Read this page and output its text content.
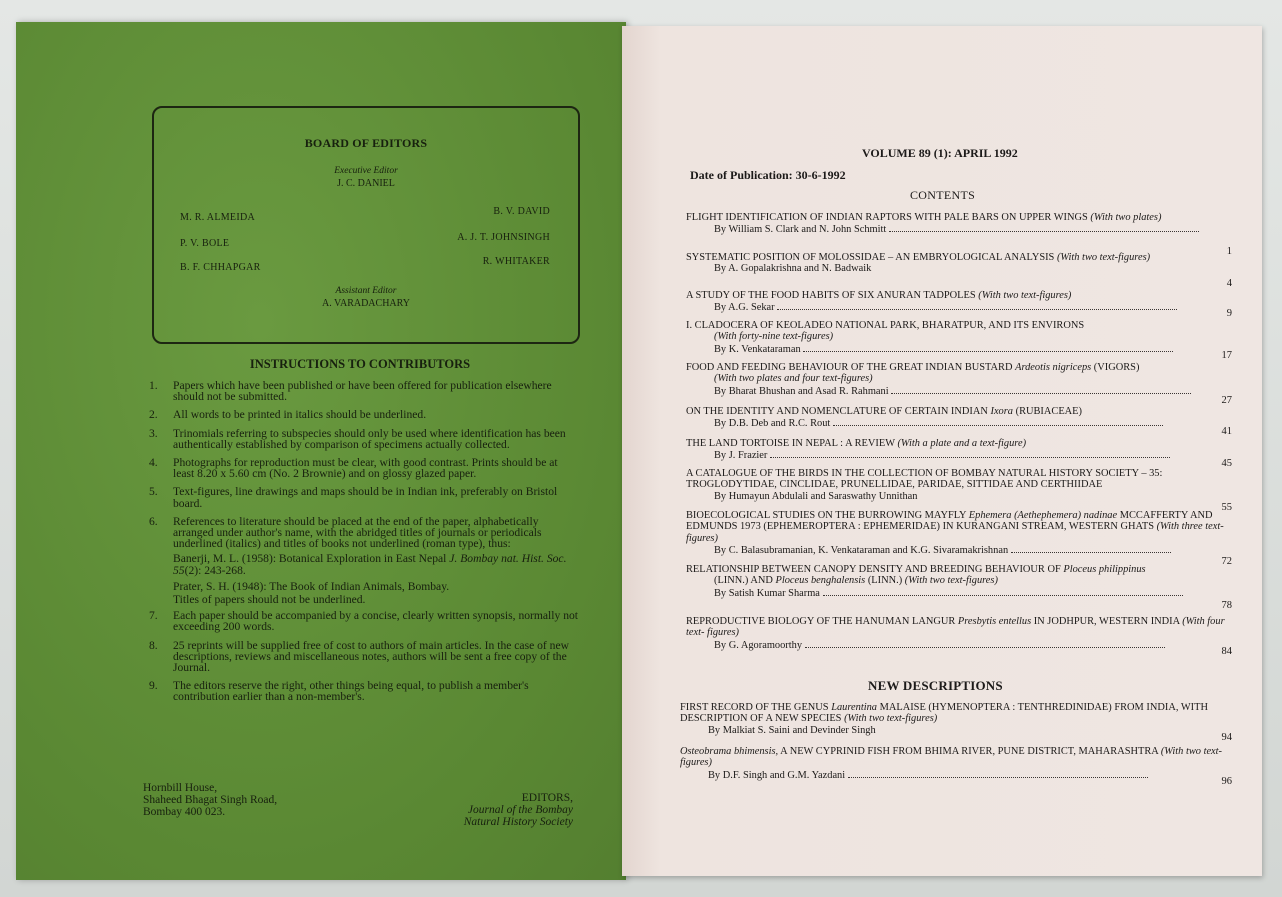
BOARD OF EDITORS
Executive Editor
J. C. DANIEL
M. R. ALMEIDA
P. V. BOLE
B. F. CHHAPGAR
B. V. DAVID
A. J. T. JOHNSINGH
R. WHITAKER
Assistant Editor
A. VARADACHARY
INSTRUCTIONS TO CONTRIBUTORS
1. Papers which have been published or have been offered for publication elsewhere should not be submitted.
2. All words to be printed in italics should be underlined.
3. Trinomials referring to subspecies should only be used where identification has been authentically established by comparison of specimens actually collected.
4. Photographs for reproduction must be clear, with good contrast. Prints should be at least 8.20 x 5.60 cm (No. 2 Brownie) and on glossy glazed paper.
5. Text-figures, line drawings and maps should be in Indian ink, preferably on Bristol board.
6. References to literature should be placed at the end of the paper, alphabetically arranged under author's name, with the abridged titles of journals or periodicals underlined (italics) and titles of books not underlined (roman type), thus:
Banerji, M. L. (1958): Botanical Exploration in East Nepal J. Bombay nat. Hist. Soc. 55(2): 243-268.
Prater, S. H. (1948): The Book of Indian Animals, Bombay.
Titles of papers should not be underlined.
7. Each paper should be accompanied by a concise, clearly written synopsis, normally not exceeding 200 words.
8. 25 reprints will be supplied free of cost to authors of main articles. In the case of new descriptions, reviews and miscellaneous notes, authors will be sent a free copy of the Journal.
9. The editors reserve the right, other things being equal, to publish a member's contribution earlier than a non-member's.
Hornbill House,
Shaheed Bhagat Singh Road,
Bombay 400 023.
EDITORS,
Journal of the Bombay
Natural History Society
VOLUME 89 (1): APRIL 1992
Date of Publication: 30-6-1992
CONTENTS
FLIGHT IDENTIFICATION OF INDIAN RAPTORS WITH PALE BARS ON UPPER WINGS (With two plates)
By William S. Clark and N. John Schmitt
1
SYSTEMATIC POSITION OF MOLOSSIDAE – AN EMBRYOLOGICAL ANALYSIS (With two text-figures)
By A. Gopalakrishna and N. Badwaik
4
A STUDY OF THE FOOD HABITS OF SIX ANURAN TADPOLES (With two text-figures)
By A.G. Sekar
9
I. CLADOCERA OF KEOLADEO NATIONAL PARK, BHARATPUR, AND ITS ENVIRONS
(With forty-nine text-figures)
By K. Venkataraman
17
FOOD AND FEEDING BEHAVIOUR OF THE GREAT INDIAN BUSTARD Ardeotis nigriceps (VIGORS)
(With two plates and four text-figures)
By Bharat Bhushan and Asad R. Rahmani
27
ON THE IDENTITY AND NOMENCLATURE OF CERTAIN INDIAN Ixora (RUBIACEAE)
By D.B. Deb and R.C. Rout
41
THE LAND TORTOISE IN NEPAL : A REVIEW (With a plate and a text-figure)
By J. Frazier
45
A CATALOGUE OF THE BIRDS IN THE COLLECTION OF BOMBAY NATURAL HISTORY SOCIETY – 35: TROGLODYTIDAE, CINCLIDAE, PRUNELLIDAE, PARIDAE, SITTIDAE AND CERTHIIDAE
By Humayun Abdulali and Saraswathy Unnithan
55
BIOECOLOGICAL STUDIES ON THE BURROWING MAYFLY Ephemera (Aethephemera) nadinae MCCAFFERTY AND EDMUNDS 1973 (EPHEMEROPTERA : EPHEMERIDAE) IN KURANGANI STREAM, WESTERN GHATS (With three text-figures)
By C. Balasubramanian, K. Venkataraman and K.G. Sivaramakrishnan
72
RELATIONSHIP BETWEEN CANOPY DENSITY AND BREEDING BEHAVIOUR OF Ploceus philippinus
(LINN.) AND Ploceus benghalensis (LINN.) (With two text-figures)
By Satish Kumar Sharma
78
REPRODUCTIVE BIOLOGY OF THE HANUMAN LANGUR Presbytis entellus IN JODHPUR, WESTERN INDIA (With four text- figures)
By G. Agoramoorthy
84
NEW DESCRIPTIONS
FIRST RECORD OF THE GENUS Laurentina MALAISE (HYMENOPTERA : TENTHREDINIDAE) FROM INDIA, WITH DESCRIPTION OF A NEW SPECIES (With two text-figures)
By Malkiat S. Saini and Devinder Singh
94
Osteobrama bhimensis, A NEW CYPRINID FISH FROM BHIMA RIVER, PUNE DISTRICT, MAHARASHTRA (With two text-figures)
By D.F. Singh and G.M. Yazdani
96
